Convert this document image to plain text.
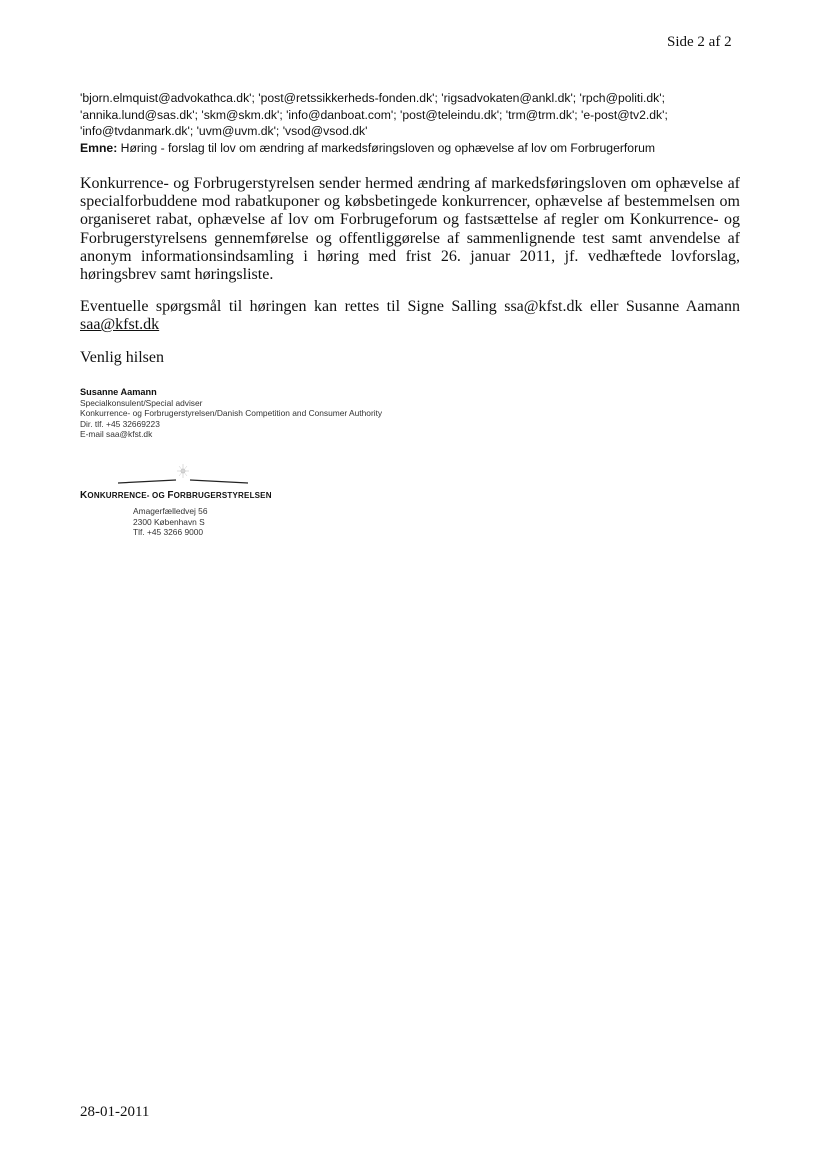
Side 2 af 2
'bjorn.elmquist@advokathca.dk'; 'post@retssikkerheds-fonden.dk'; 'rigsadvokaten@ankl.dk'; 'rpch@politi.dk';
'annika.lund@sas.dk'; 'skm@skm.dk'; 'info@danboat.com'; 'post@teleindu.dk'; 'trm@trm.dk'; 'e-post@tv2.dk';
'info@tvdanmark.dk'; 'uvm@uvm.dk'; 'vsod@vsod.dk'
Emne: Høring - forslag til lov om ændring af markedsføringsloven og ophævelse af lov om Forbrugerforum
Konkurrence- og Forbrugerstyrelsen sender hermed ændring af markedsføringsloven om ophævelse af specialforbuddene mod rabatkuponer og købsbetingede konkurrencer, ophævelse af bestemmelsen om organiseret rabat, ophævelse af lov om Forbrugeforum og fastsættelse af regler om Konkurrence- og Forbrugerstyrelsens gennemførelse og offentliggørelse af sammenlignende test samt anvendelse af anonym informationsindsamling i høring med frist 26. januar 2011, jf. vedhæftede lovforslag, høringsbrev samt høringsliste.
Eventuelle spørgsmål til høringen kan rettes til Signe Salling ssa@kfst.dk eller Susanne Aamann saa@kfst.dk
Venlig hilsen
Susanne Aamann
Specialkonsulent/Special adviser
Konkurrence- og Forbrugerstyrelsen/Danish Competition and Consumer Authority
Dir. tlf. +45 32669223
E-mail saa@kfst.dk
KONKURRENCE- OG FORBRUGERSTYRELSEN
Amagerfælledvej 56
2300 København S
Tlf. +45 3266 9000
28-01-2011
